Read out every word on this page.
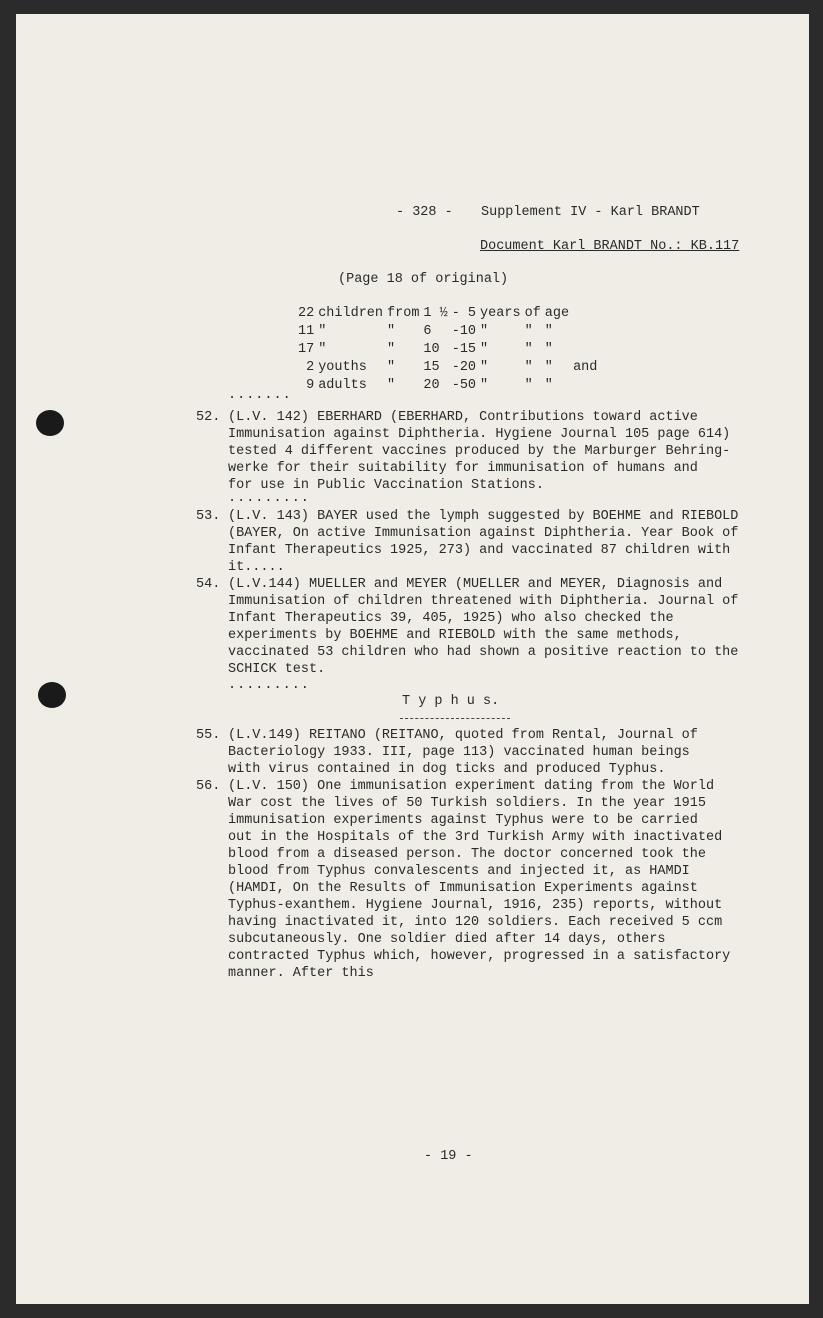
- 328 - Supplement IV - Karl BRANDT
Document Karl BRANDT No.: KB.117
(Page 18 of original)
22	children	from	1 ½	- 5	years	of	age	
11	"	"	6	-10	"	"	"	
17	"	"	10	-15	"	"	"	
2	youths	"	15	-20	"	"	"	and
9	adults	"	20	-50	"	"	"	
.......
52. (L.V. 142) EBERHARD (EBERHARD, Contributions toward active
Immunisation against Diphtheria. Hygiene Journal 105 page 614)
tested 4 different vaccines produced by the Marburger Behring-
werke for their suitability for immunisation of humans and
for use in Public Vaccination Stations.
.........
53. (L.V. 143) BAYER used the lymph suggested by BOEHME and RIEBOLD
(BAYER, On active Immunisation against Diphtheria. Year Book of
Infant Therapeutics 1925, 273) and vaccinated 87 children with
it.....
54. (L.V.144) MUELLER and MEYER (MUELLER and MEYER, Diagnosis and
Immunisation of children threatened with Diphtheria. Journal of
Infant Therapeutics 39, 405, 1925) who also checked the
experiments by BOEHME and RIEBOLD with the same methods,
vaccinated 53 children who had shown a positive reaction to the
SCHICK test.
.........
T y p h u s.
55. (L.V.149) REITANO (REITANO, quoted from Rental, Journal of
Bacteriology 1933. III, page 113) vaccinated human beings
with virus contained in dog ticks and produced Typhus.
56. (L.V. 150) One immunisation experiment dating from the World
War cost the lives of 50 Turkish soldiers. In the year 1915
immunisation experiments against Typhus were to be carried
out in the Hospitals of the 3rd Turkish Army with inactivated
blood from a diseased person. The doctor concerned took the
blood from Typhus convalescents and injected it, as HAMDI
(HAMDI, On the Results of Immunisation Experiments against
Typhus-exanthem. Hygiene Journal, 1916, 235) reports, without
having inactivated it, into 120 soldiers. Each received 5 ccm
subcutaneously. One soldier died after 14 days, others
contracted Typhus which, however, progressed in a satisfactory
manner. After this
- 19 -
